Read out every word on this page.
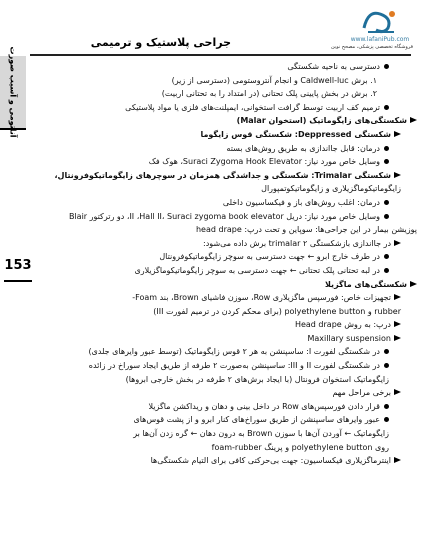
www.lafaniPub.com
فروشگاه تخصصی پزشکی، مصحح نوین
جراحی پلاستیک و ترمیمی
آناتومی و آسیب صورت
153
دسترسی به ناحیه شکستگی
۱. برش Caldwell-luc و انجام آنتروستومی (دسترسی از زیر)
۲. برش در بخش پایینی پلک تحتانی (در امتداد را به تحتانی اربیت)
ترمیم کف اربیت توسط گرافت استخوانی، ایمپلنت‌های فلزی یا مواد پلاستیکی
شکستگی‌های زایگوماتیک (استخوان Malar)
شکستگی Deppressed: شکستگی قوس زایگوما
درمان: قابل جاانداز‌ی به طریق روش‌های بسته
وسایل خاص مورد نیاز: Suraci Zygoma Hook Elevator، هوک فک
شکستگی Trimalar: شکستگی و جداشدگی همزمان در سوچرهای زایگوماتیکوفرونتال،
زایگوماتیکوماگزیلاری و زایگوماتیکوتمپورال
درمان: اغلب روش‌های باز و فیکساسیون داخلی
وسایل خاص مورد نیاز: دریل II ،Hall II، Suraci zygoma book elevator، دو رترکتور Blair
پوزیشن بیمار در این جراحی‌ها: سوپاین و تحت درپ: head drape
در جااندازی بازشکستگی trimalar ۲ برش داده می‌شود:
در طرف خارج ابرو ← جهت دسترسی به سوچر زایگوماتیکوفرونتال
در لبه تحتانی پلک تحتانی ← جهت دسترسی به سوچر زایگوماتیکوماگزیلاری
شکستگی‌های ماگزیلا
تجهیزات خاص: فورسپس ماگزیلاری Row، سوزن فاشیای Brown، بند Foam-
rubber و polyethylene button (برای محکم کردن در ترمیم لفورت III)
درپ: به روش Head drape
Maxillary suspension
در شکستگی لفورت I: ساسپنشن به هر ۲ قوس زایگوماتیک (توسط عبور وایرهای جلدی)
در شکستگی لفورت II و III: ساسپنشن به‌صورت ۲ طرفه از طریق ایجاد سوراخ در زائده
زایگوماتیک استخوان فرونتال (با ایجاد برش‌های ۲ طرفه در بخش خارجی ابروها)
برخی مراحل مهم
قرار دادن فورسپس‌های Row در داخل بینی و دهان و ریداکشن ماگزیلا
عبور وایرهای ساسپنشن از طریق سوراخ‌های کنار ابرو و از پشت قوس‌های
زایگوماتیک ← آوردن آن‌ها با سوزن Brown به درون دهان ← گره زدن آن‌ها بر
روی polyethylene button و پرینگ foam-rubber
اینترماگزیلاری فیکساسیون: جهت بی‌حرکتی کافی برای التیام شکستگی‌ها
